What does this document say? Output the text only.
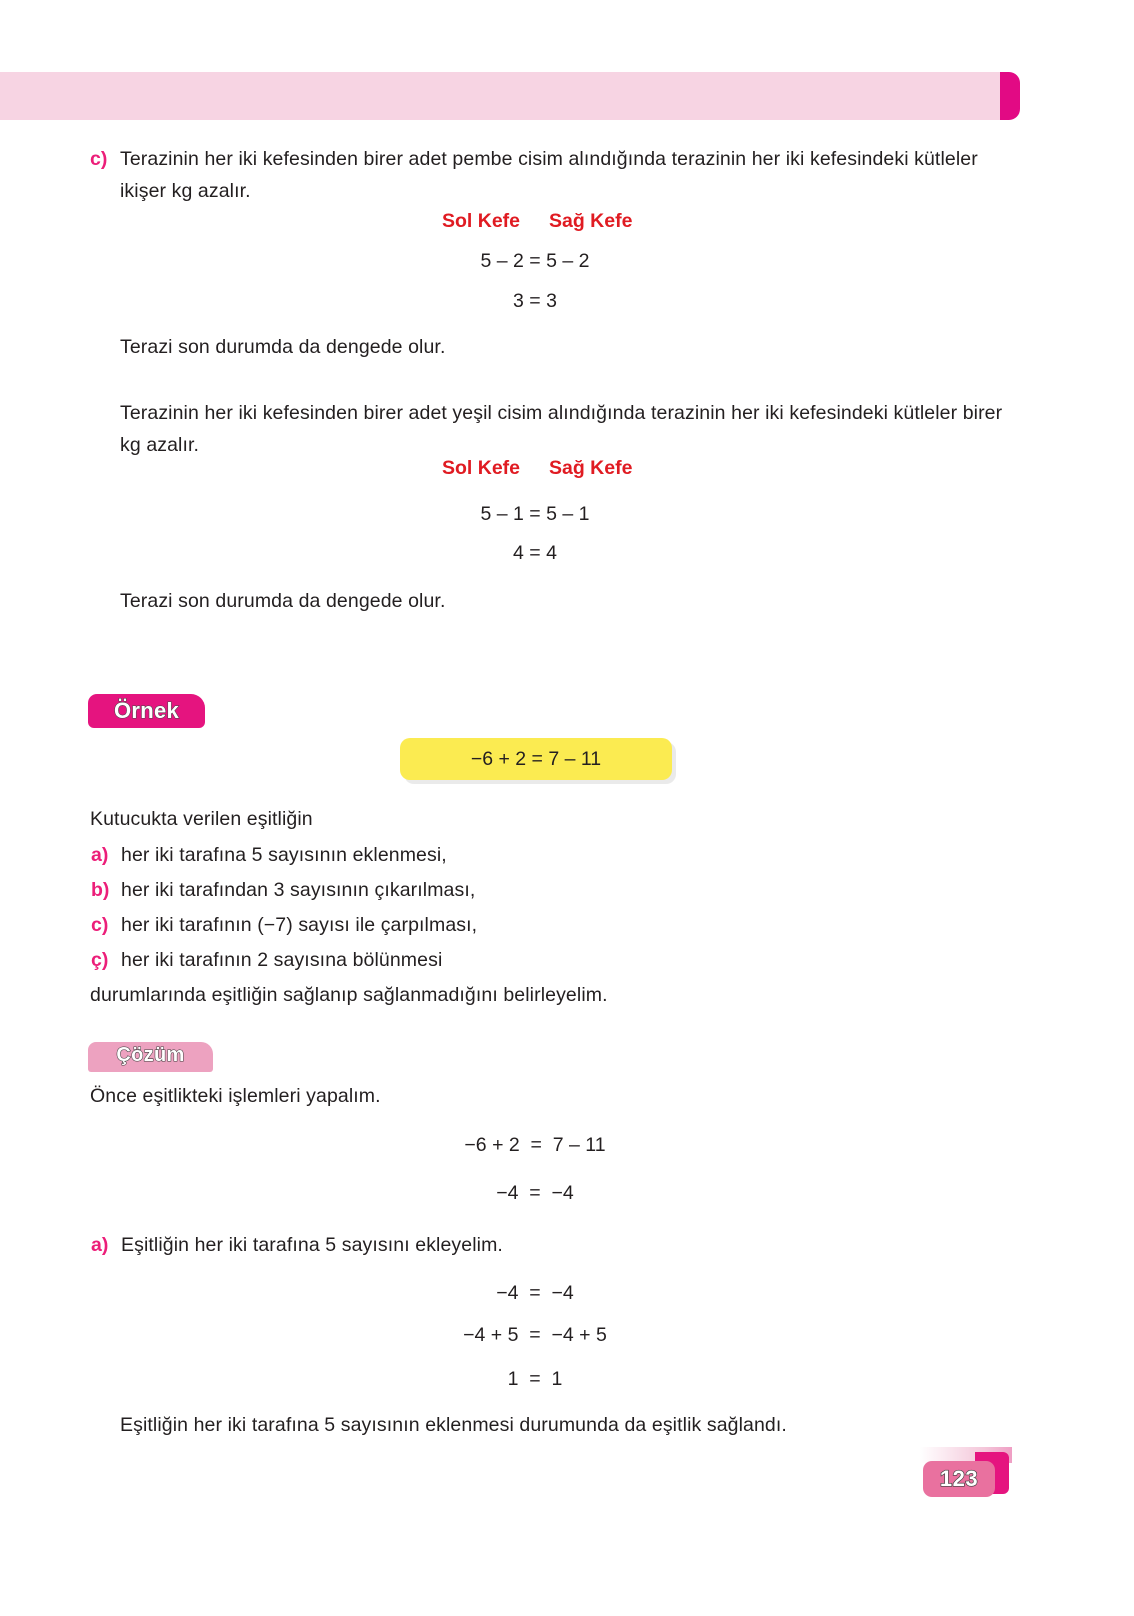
c) Terazinin her iki kefesinden birer adet pembe cisim alındığında terazinin her iki kefesindeki kütleler
ikişer kg azalır.
Sol Kefe Sağ Kefe
5 – 2 = 5 – 2
3 = 3
Terazi son durumda da dengede olur.
Terazinin her iki kefesinden birer adet yeşil cisim alındığında terazinin her iki kefesindeki kütleler birer
kg azalır.
Sol Kefe Sağ Kefe
5 – 1 = 5 – 1
4 = 4
Terazi son durumda da dengede olur.
Örnek
−6 + 2 = 7 – 11
Kutucukta verilen eşitliğin
a) her iki tarafına 5 sayısının eklenmesi,
b) her iki tarafından 3 sayısının çıkarılması,
c) her iki tarafının (−7) sayısı ile çarpılması,
ç) her iki tarafının 2 sayısına bölünmesi
durumlarında eşitliğin sağlanıp sağlanmadığını belirleyelim.
Çözüm
Önce eşitlikteki işlemleri yapalım.
−6 + 2  =  7 – 11
−4  =  −4
a) Eşitliğin her iki tarafına 5 sayısını ekleyelim.
−4  =  −4
−4 + 5  =  −4 + 5
1  =  1
Eşitliğin her iki tarafına 5 sayısının eklenmesi durumunda da eşitlik sağlandı.
123
